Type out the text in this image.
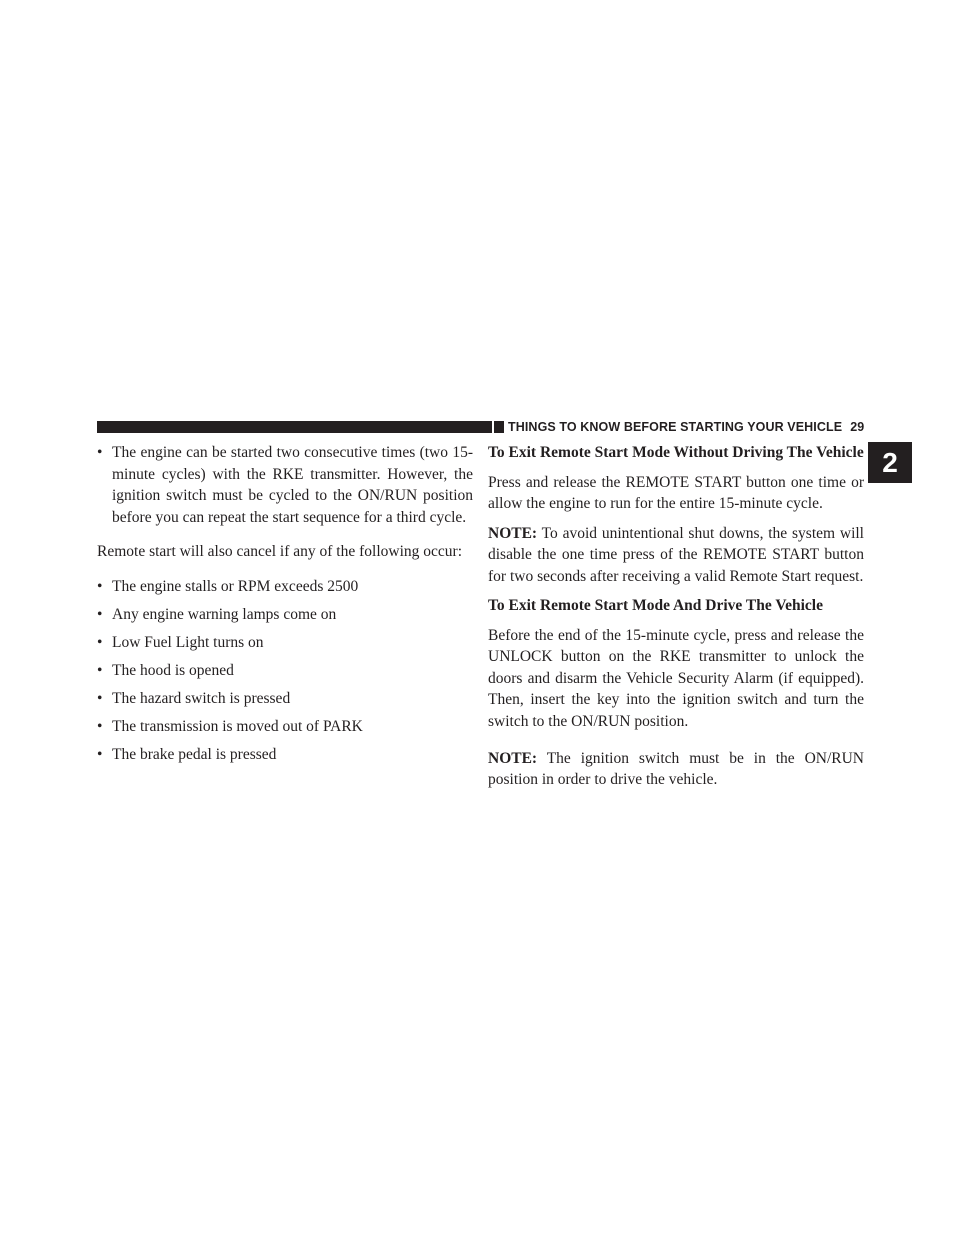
THINGS TO KNOW BEFORE STARTING YOUR VEHICLE 29
2
• The engine can be started two consecutive times (two 15-minute cycles) with the RKE transmitter. However, the ignition switch must be cycled to the ON/RUN position before you can repeat the start sequence for a third cycle.

Remote start will also cancel if any of the following occur:

• The engine stalls or RPM exceeds 2500
• Any engine warning lamps come on
• Low Fuel Light turns on
• The hood is opened
• The hazard switch is pressed
• The transmission is moved out of PARK
• The brake pedal is pressed
To Exit Remote Start Mode Without Driving The Vehicle

Press and release the REMOTE START button one time or allow the engine to run for the entire 15-minute cycle.

NOTE: To avoid unintentional shut downs, the system will disable the one time press of the REMOTE START button for two seconds after receiving a valid Remote Start request.

To Exit Remote Start Mode And Drive The Vehicle

Before the end of the 15-minute cycle, press and release the UNLOCK button on the RKE transmitter to unlock the doors and disarm the Vehicle Security Alarm (if equipped). Then, insert the key into the ignition switch and turn the switch to the ON/RUN position.

NOTE: The ignition switch must be in the ON/RUN position in order to drive the vehicle.
